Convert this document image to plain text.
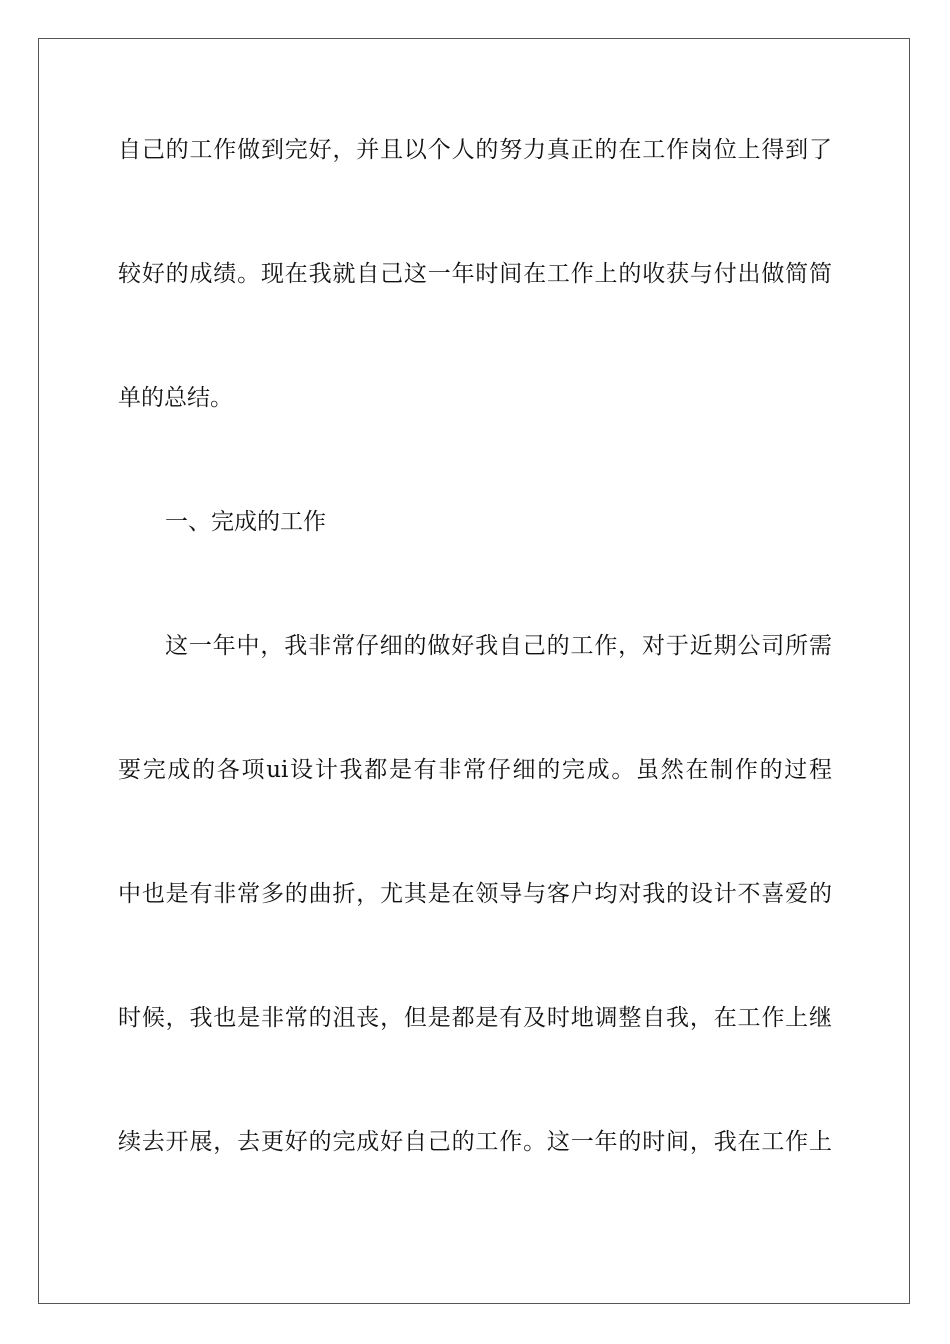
自己的工作做到完好，并且以个人的努力真正的在工作岗位上得到了
较好的成绩。现在我就自己这一年时间在工作上的收获与付出做简简
单的总结。
一、完成的工作
这一年中，我非常仔细的做好我自己的工作，对于近期公司所需
要完成的各项ui设计我都是有非常仔细的完成。虽然在制作的过程
中也是有非常多的曲折，尤其是在领导与客户均对我的设计不喜爱的
时候，我也是非常的沮丧，但是都是有及时地调整自我，在工作上继
续去开展，去更好的完成好自己的工作。这一年的时间，我在工作上
